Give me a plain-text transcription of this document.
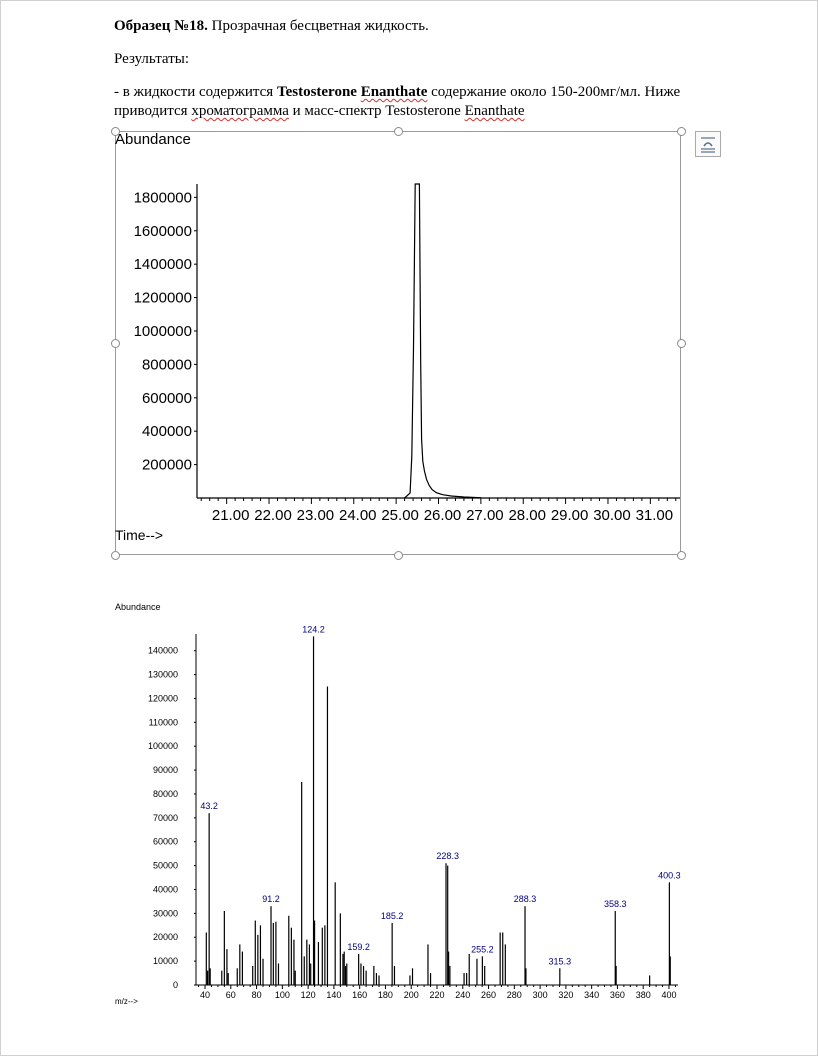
Образец №18. Прозрачная бесцветная жидкость.

Результаты:

- в жидкости содержится Testosterone Enanthate содержание около 150-200мг/мл. Ниже
приводится хроматограмма и масс-спектр Testosterone Enanthate

Abundance
Time-->
200000
400000
600000
800000
1000000
1200000
1400000
1600000
1800000
21.00 22.00 23.00 24.00 25.00 26.00 27.00 28.00 29.00 30.00 31.00
Abundance
m/z-->
0
10000
20000
30000
40000
50000
60000
70000
80000
90000
100000
110000
120000
130000
140000
40 60 80 100 120 140 160 180 200 220 240 260 280 300 320 340 360 380 400
43.2
91.2
124.2
159.2
185.2
228.3
255.2
288.3
315.3
358.3
400.3
